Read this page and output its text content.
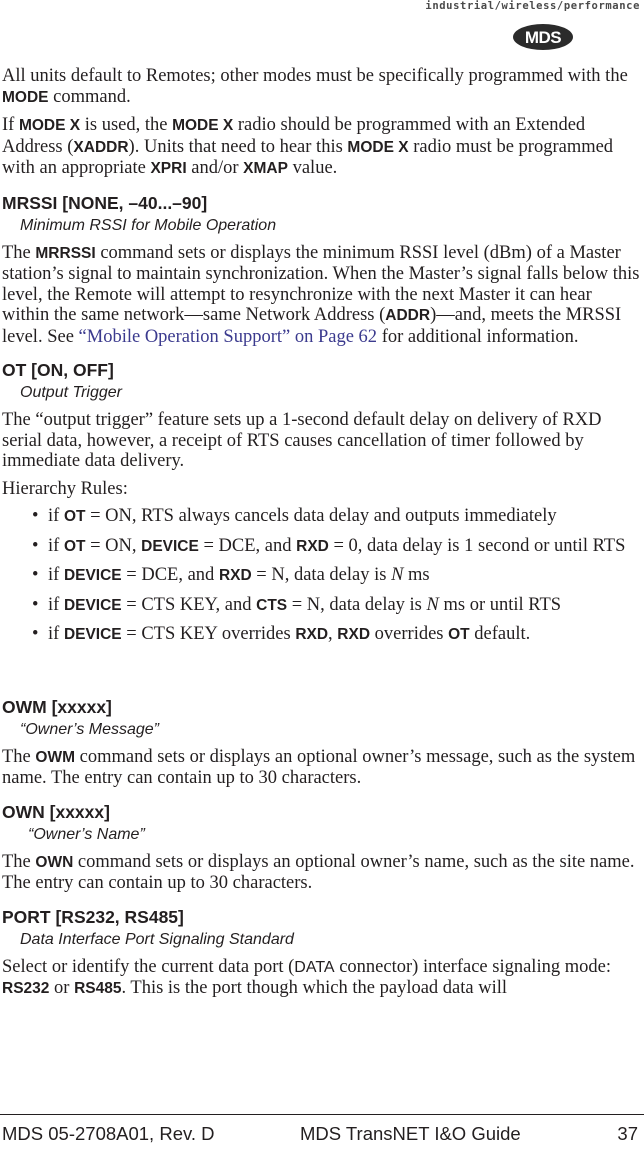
industrial/wireless/performance
MDS

All units default to Remotes; other modes must be specifically programmed with the MODE command.

If MODE X is used, the MODE X radio should be programmed with an Extended Address (XADDR). Units that need to hear this MODE X radio must be programmed with an appropriate XPRI and/or XMAP value.

MRSSI [NONE, –40...–90]
Minimum RSSI for Mobile Operation

The MRRSSI command sets or displays the minimum RSSI level (dBm) of a Master station’s signal to maintain synchronization. When the Master’s signal falls below this level, the Remote will attempt to resynchronize with the next Master it can hear within the same network—same Network Address (ADDR)—and, meets the MRSSI level. See “Mobile Operation Support” on Page 62 for additional information.

OT [ON, OFF]
Output Trigger

The “output trigger” feature sets up a 1-second default delay on delivery of RXD serial data, however, a receipt of RTS causes cancellation of timer followed by immediate data delivery.

Hierarchy Rules:

• if OT = ON, RTS always cancels data delay and outputs immediately
• if OT = ON, DEVICE = DCE, and RXD = 0, data delay is 1 second or until RTS
• if DEVICE = DCE, and RXD = N, data delay is N ms
• if DEVICE = CTS KEY, and CTS = N, data delay is N ms or until RTS
• if DEVICE = CTS KEY overrides RXD, RXD overrides OT default.
OWM [xxxxx]
“Owner’s Message”

The OWM command sets or displays an optional owner’s message, such as the system name. The entry can contain up to 30 characters.

OWN [xxxxx]
“Owner’s Name”

The OWN command sets or displays an optional owner’s name, such as the site name. The entry can contain up to 30 characters.

PORT [RS232, RS485]
Data Interface Port Signaling Standard

Select or identify the current data port (DATA connector) interface signaling mode: RS232 or RS485. This is the port though which the payload data will

MDS 05-2708A01, Rev. D	MDS TransNET I&O Guide	37
